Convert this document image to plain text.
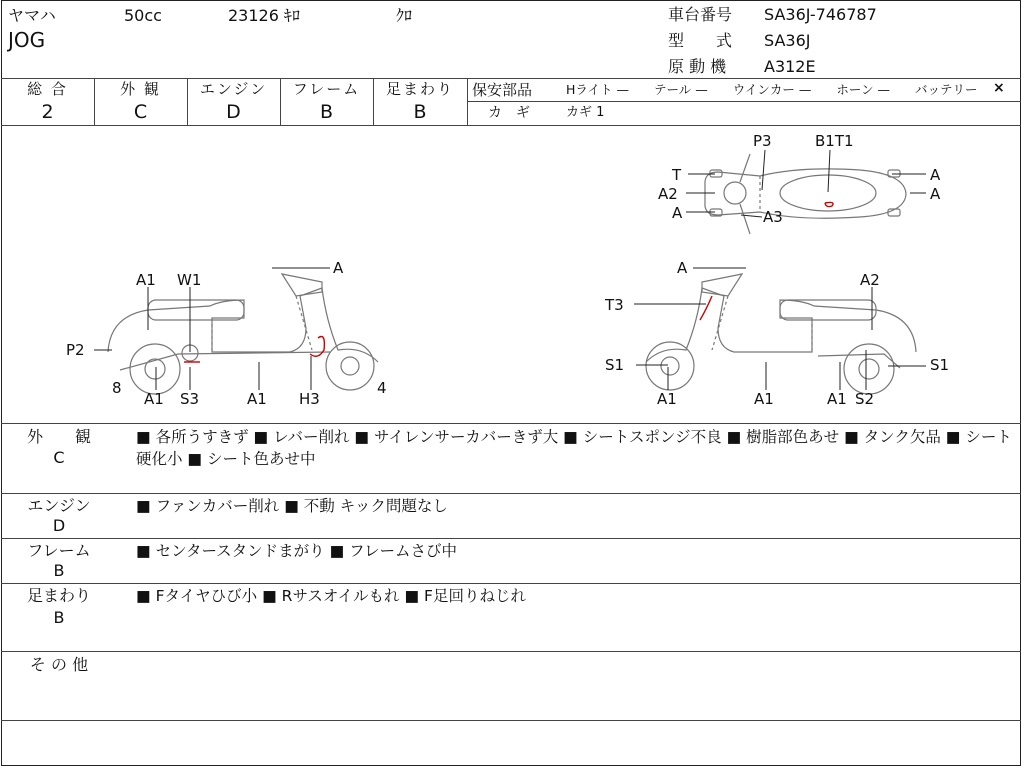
ヤマハ	50cc	23126 ｷﾛ	ｸﾛ
JOG
車台番号 SA36J-746787
型　　式 SA36J
原 動 機 A312E
総 合
2
外 観
C
エンジン
D
フレーム
B
足まわり
B
保安部品	Hライト —　　テール —　　ウインカー —　　ホーン —　　バッテリー ×
カ　ギ	カギ 1
P3	B1T1
T
A2
A	A3
A
A
A
A1 W1
P2
8
A1 S3	A1 H3
4
A
A2
T3
S1
A1	A1	A1 S2
S1
外　　観
C
■ 各所うすきず ■ レバー削れ ■ サイレンサーカバーきず大 ■ シートスポンジ不良 ■ 樹脂部色あせ ■ タンク欠品 ■ シート硬化小 ■ シート色あせ中
エンジン
D
■ ファンカバー削れ ■ 不動 キック問題なし
フレーム
B
■ センタースタンドまがり ■ フレームさび中
足まわり
B
■ Fタイヤひび小 ■ Rサスオイルもれ ■ F足回りねじれ
そ の 他
